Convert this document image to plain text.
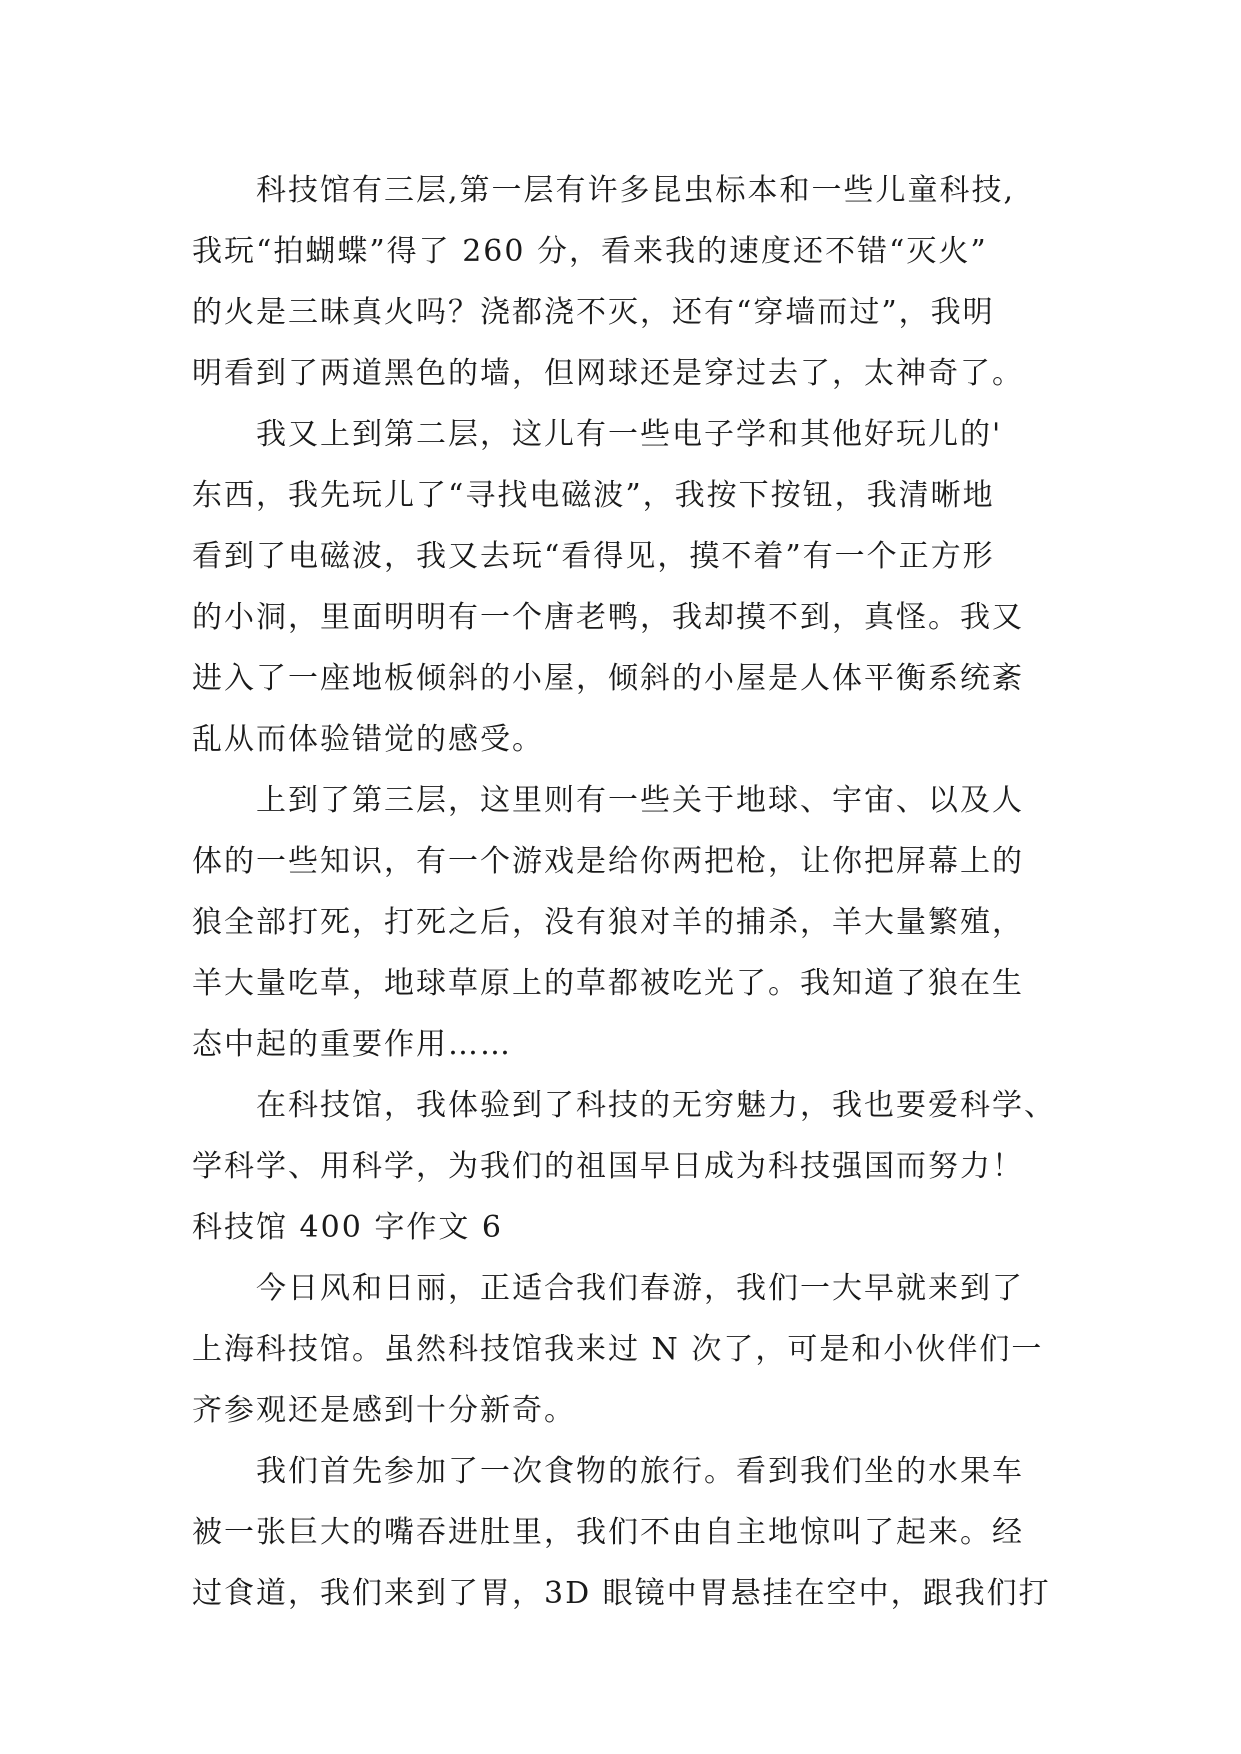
科技馆有三层,第一层有许多昆虫标本和一些儿童科技,
我玩“拍蝴蝶”得了 260 分，看来我的速度还不错“灭火”
的火是三昧真火吗？浇都浇不灭，还有“穿墙而过”，我明
明看到了两道黑色的墙，但网球还是穿过去了，太神奇了。
我又上到第二层，这儿有一些电子学和其他好玩儿的'
东西，我先玩儿了“寻找电磁波”，我按下按钮，我清晰地
看到了电磁波，我又去玩“看得见，摸不着”有一个正方形
的小洞，里面明明有一个唐老鸭，我却摸不到，真怪。我又
进入了一座地板倾斜的小屋，倾斜的小屋是人体平衡系统紊
乱从而体验错觉的感受。
上到了第三层，这里则有一些关于地球、宇宙、以及人
体的一些知识，有一个游戏是给你两把枪，让你把屏幕上的
狼全部打死，打死之后，没有狼对羊的捕杀，羊大量繁殖，
羊大量吃草，地球草原上的草都被吃光了。我知道了狼在生
态中起的重要作用……
在科技馆，我体验到了科技的无穷魅力，我也要爱科学、
学科学、用科学，为我们的祖国早日成为科技强国而努力！
科技馆 400 字作文 6
今日风和日丽，正适合我们春游，我们一大早就来到了
上海科技馆。虽然科技馆我来过 N 次了，可是和小伙伴们一
齐参观还是感到十分新奇。
我们首先参加了一次食物的旅行。看到我们坐的水果车
被一张巨大的嘴吞进肚里，我们不由自主地惊叫了起来。经
过食道，我们来到了胃，3D 眼镜中胃悬挂在空中，跟我们打
